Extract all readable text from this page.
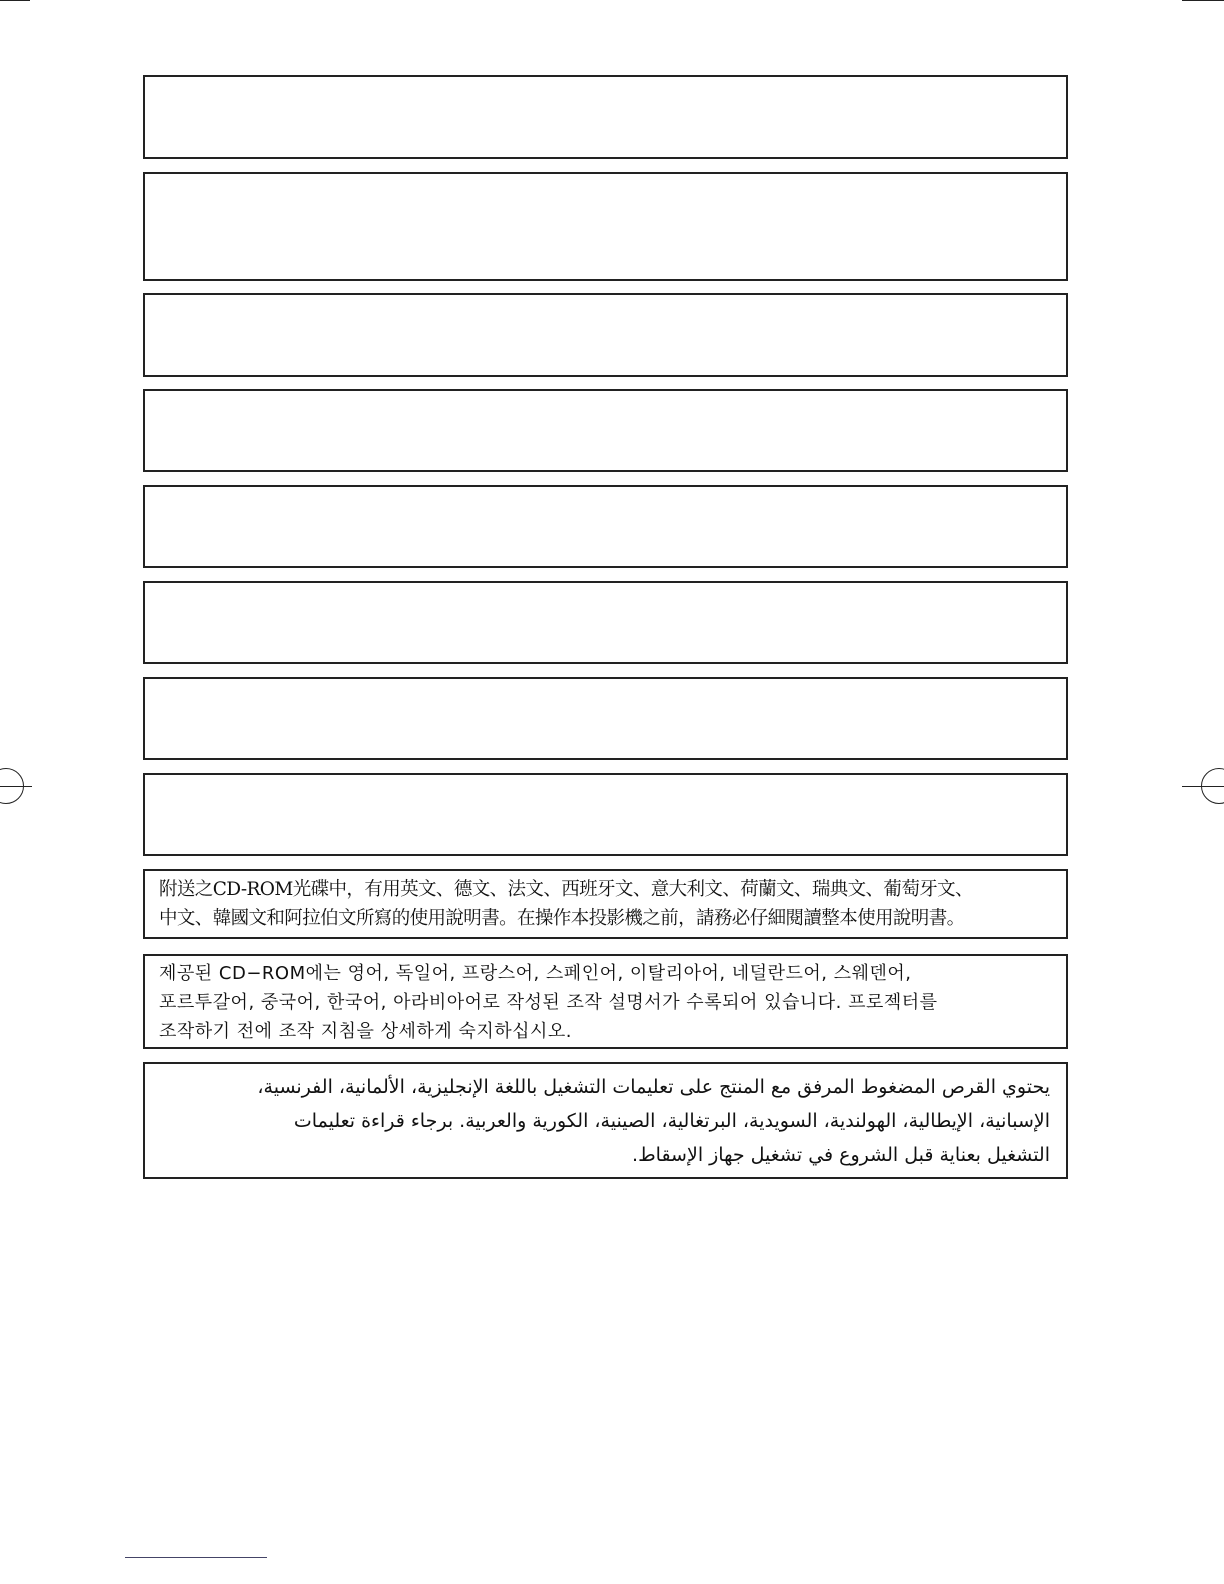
附送之CD-ROM光碟中，有用英文、德文、法文、西班牙文、意大利文、荷蘭文、瑞典文、葡萄牙文、
中文、韓國文和阿拉伯文所寫的使用說明書。在操作本投影機之前，請務必仔細閱讀整本使用說明書。
제공된 CD−ROM에는 영어, 독일어, 프랑스어, 스페인어, 이탈리아어, 네덜란드어, 스웨덴어,
포르투갈어, 중국어, 한국어, 아라비아어로 작성된 조작 설명서가 수록되어 있습니다. 프로젝터를
조작하기 전에 조작 지침을 상세하게 숙지하십시오.
يحتوي القرص المضغوط المرفق مع المنتج على تعليمات التشغيل باللغة الإنجليزية، الألمانية، الفرنسية،
الإسبانية، الإيطالية، الهولندية، السويدية، البرتغالية، الصينية، الكورية والعربية. برجاء قراءة تعليمات
التشغيل بعناية قبل الشروع في تشغيل جهاز الإسقاط.
